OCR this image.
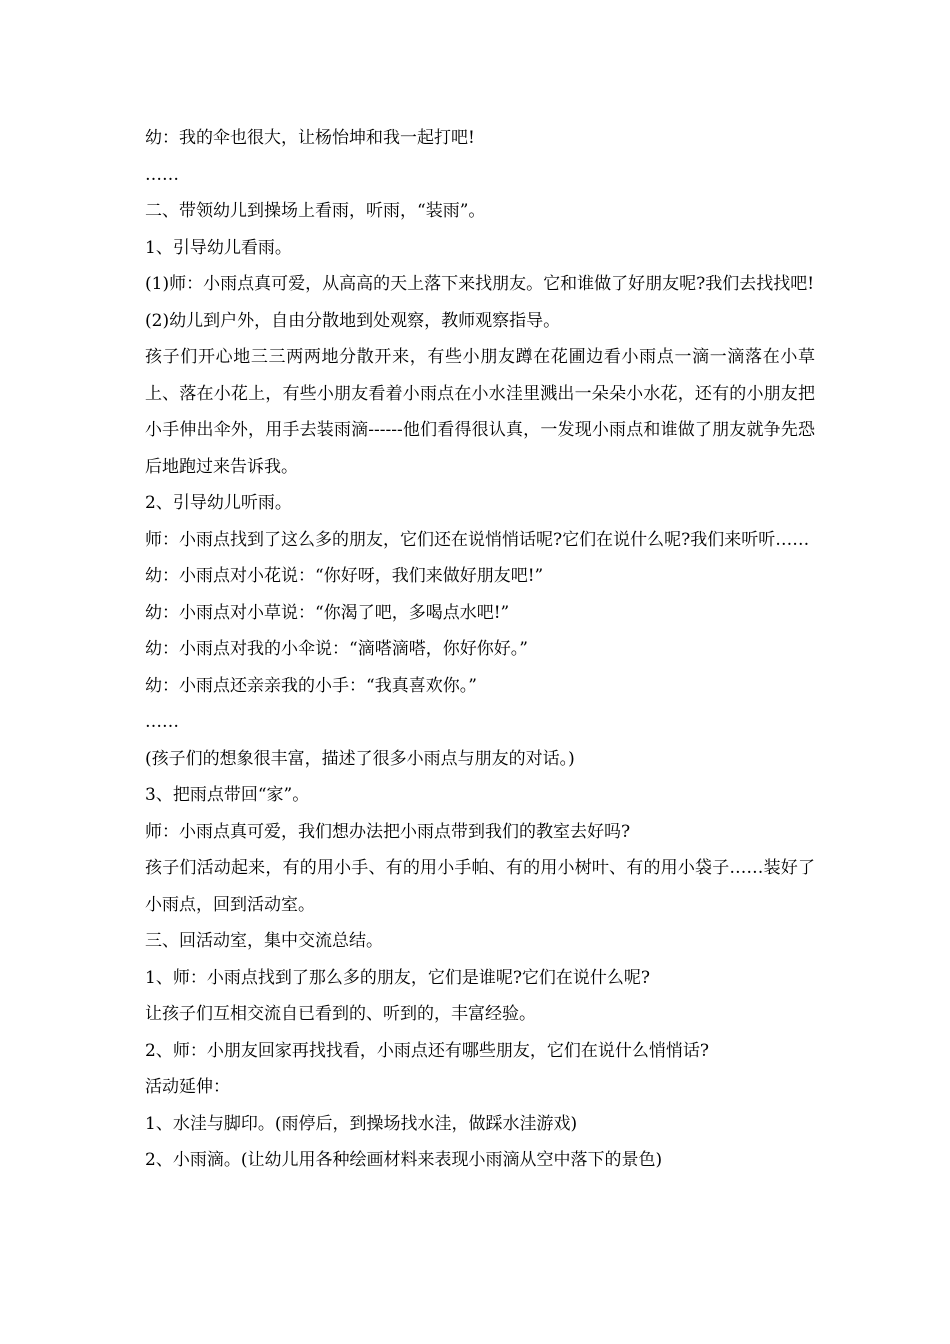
幼：我的伞也很大，让杨怡坤和我一起打吧!
……
二、带领幼儿到操场上看雨，听雨，“装雨”。
1、引导幼儿看雨。
(1)师：小雨点真可爱，从高高的天上落下来找朋友。它和谁做了好朋友呢?我们去找找吧!
(2)幼儿到户外，自由分散地到处观察，教师观察指导。
孩子们开心地三三两两地分散开来，有些小朋友蹲在花圃边看小雨点一滴一滴落在小草上、落在小花上，有些小朋友看着小雨点在小水洼里溅出一朵朵小水花，还有的小朋友把小手伸出伞外，用手去装雨滴------他们看得很认真，一发现小雨点和谁做了朋友就争先恐后地跑过来告诉我。
2、引导幼儿听雨。
师：小雨点找到了这么多的朋友，它们还在说悄悄话呢?它们在说什么呢?我们来听听……
幼：小雨点对小花说：“你好呀，我们来做好朋友吧!”
幼：小雨点对小草说：“你渴了吧，多喝点水吧!”
幼：小雨点对我的小伞说：“滴嗒滴嗒，你好你好。”
幼：小雨点还亲亲我的小手：“我真喜欢你。”
……
(孩子们的想象很丰富，描述了很多小雨点与朋友的对话。)
3、把雨点带回“家”。
师：小雨点真可爱，我们想办法把小雨点带到我们的教室去好吗?
孩子们活动起来，有的用小手、有的用小手帕、有的用小树叶、有的用小袋子……装好了小雨点，回到活动室。
三、回活动室，集中交流总结。
1、师：小雨点找到了那么多的朋友，它们是谁呢?它们在说什么呢?
让孩子们互相交流自已看到的、听到的，丰富经验。
2、师：小朋友回家再找找看，小雨点还有哪些朋友，它们在说什么悄悄话?
活动延伸：
1、水洼与脚印。(雨停后，到操场找水洼，做踩水洼游戏)
2、小雨滴。(让幼儿用各种绘画材料来表现小雨滴从空中落下的景色)
